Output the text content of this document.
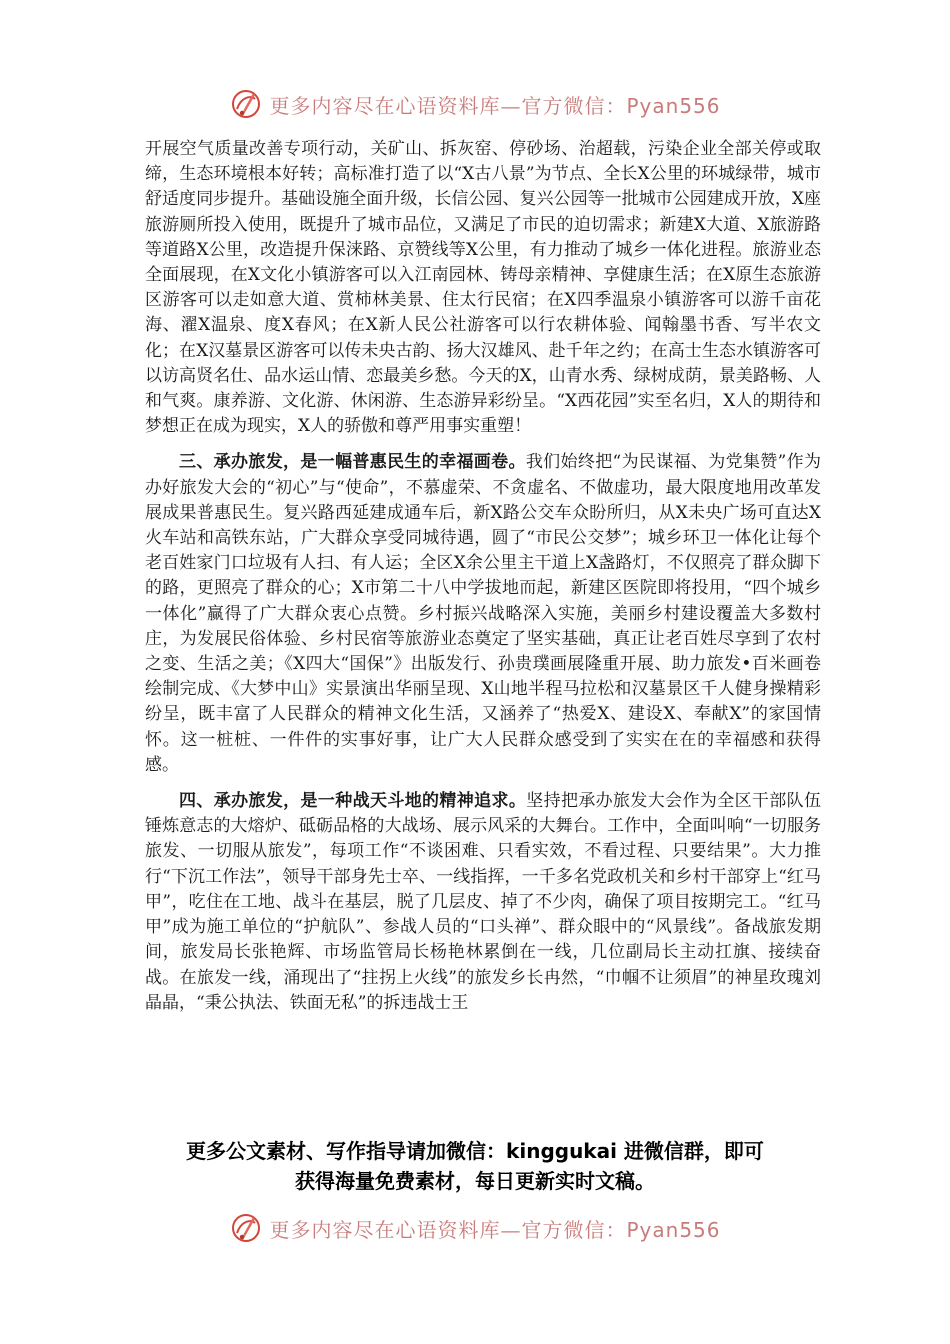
更多内容尽在心语资料库—官方微信：Pyan556

开展空气质量改善专项行动，关矿山、拆灰窑、停砂场、治超载，污染企业全部关停或取缔，生态环境根本好转；高标准打造了以“X古八景”为节点、全长X公里的环城绿带，城市舒适度同步提升。基础设施全面升级，长信公园、复兴公园等一批城市公园建成开放，X座旅游厕所投入使用，既提升了城市品位，又满足了市民的迫切需求；新建X大道、X旅游路等道路X公里，改造提升保涞路、京赞线等X公里，有力推动了城乡一体化进程。旅游业态全面展现，在X文化小镇游客可以入江南园林、铸母亲精神、享健康生活；在X原生态旅游区游客可以走如意大道、赏柿林美景、住太行民宿；在X四季温泉小镇游客可以游千亩花海、濯X温泉、度X春风；在X新人民公社游客可以行农耕体验、闻翰墨书香、写半农文化；在X汉墓景区游客可以传未央古韵、扬大汉雄风、赴千年之约；在高士生态水镇游客可以访高贤名仕、品水运山情、恋最美乡愁。今天的X，山青水秀、绿树成荫，景美路畅、人和气爽。康养游、文化游、休闲游、生态游异彩纷呈。“X西花园”实至名归，X人的期待和梦想正在成为现实，X人的骄傲和尊严用事实重塑！

三、承办旅发，是一幅普惠民生的幸福画卷。我们始终把“为民谋福、为党集赞”作为办好旅发大会的“初心”与“使命”，不慕虚荣、不贪虚名、不做虚功，最大限度地用改革发展成果普惠民生。复兴路西延建成通车后，新X路公交车众盼所归，从X未央广场可直达X火车站和高铁东站，广大群众享受同城待遇，圆了“市民公交梦”；城乡环卫一体化让每个老百姓家门口垃圾有人扫、有人运；全区X余公里主干道上X盏路灯，不仅照亮了群众脚下的路，更照亮了群众的心；X市第二十八中学拔地而起，新建区医院即将投用，“四个城乡一体化”赢得了广大群众衷心点赞。乡村振兴战略深入实施，美丽乡村建设覆盖大多数村庄，为发展民俗体验、乡村民宿等旅游业态奠定了坚实基础，真正让老百姓尽享到了农村之变、生活之美；《X四大“国保”》出版发行、孙贵璞画展隆重开展、助力旅发•百米画卷绘制完成、《大梦中山》实景演出华丽呈现、X山地半程马拉松和汉墓景区千人健身操精彩纷呈，既丰富了人民群众的精神文化生活，又涵养了“热爱X、建设X、奉献X”的家国情怀。这一桩桩、一件件的实事好事，让广大人民群众感受到了实实在在的幸福感和获得感。

四、承办旅发，是一种战天斗地的精神追求。坚持把承办旅发大会作为全区干部队伍锤炼意志的大熔炉、砥砺品格的大战场、展示风采的大舞台。工作中，全面叫响“一切服务旅发、一切服从旅发”，每项工作“不谈困难、只看实效，不看过程、只要结果”。大力推行“下沉工作法”，领导干部身先士卒、一线指挥，一千多名党政机关和乡村干部穿上“红马甲”，吃住在工地、战斗在基层，脱了几层皮、掉了不少肉，确保了项目按期完工。“红马甲”成为施工单位的“护航队”、参战人员的“口头禅”、群众眼中的“风景线”。备战旅发期间，旅发局长张艳辉、市场监管局长杨艳林累倒在一线，几位副局长主动扛旗、接续奋战。在旅发一线，涌现出了“拄拐上火线”的旅发乡长冉然，“巾帼不让须眉”的神星玫瑰刘晶晶，“秉公执法、铁面无私”的拆违战士王

更多公文素材、写作指导请加微信：kinggukai 进微信群，即可
获得海量免费素材，每日更新实时文稿。
更多内容尽在心语资料库—官方微信：Pyan556
